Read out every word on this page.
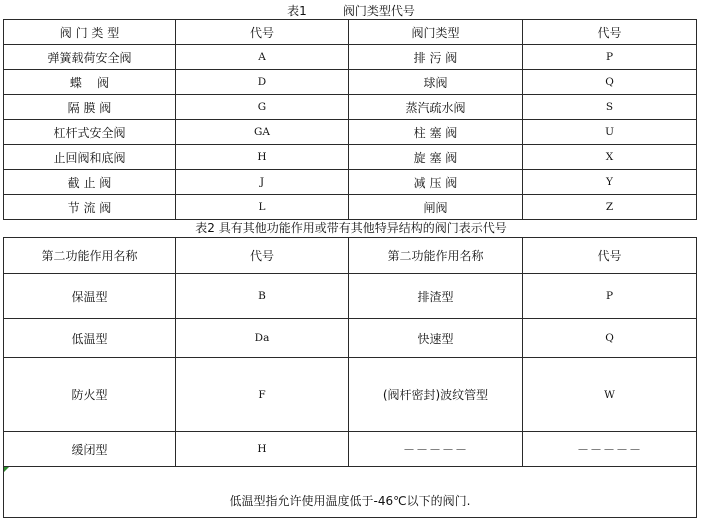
表1	阀门类型代号
阀 门 类 型	代号	阀门类型	代号
弹簧载荷安全阀	A	排 污 阀	P
蝶    阀	D	球阀	Q
隔 膜 阀	G	蒸汽疏水阀	S
杠杆式安全阀	GA	柱 塞 阀	U
止回阀和底阀	H	旋 塞 阀	X
截 止 阀	J	减 压 阀	Y
节 流 阀	L	闸阀	Z
表2 具有其他功能作用或带有其他特异结构的阀门表示代号
第二功能作用名称	代号	第二功能作用名称	代号
保温型	B	排渣型	P
低温型	Da	快速型	Q
防火型	F	(阀杆密封)波纹管型	W
缓闭型	H	－－－－－	－－－－－

低温型指允许使用温度低于-46℃以下的阀门.			
